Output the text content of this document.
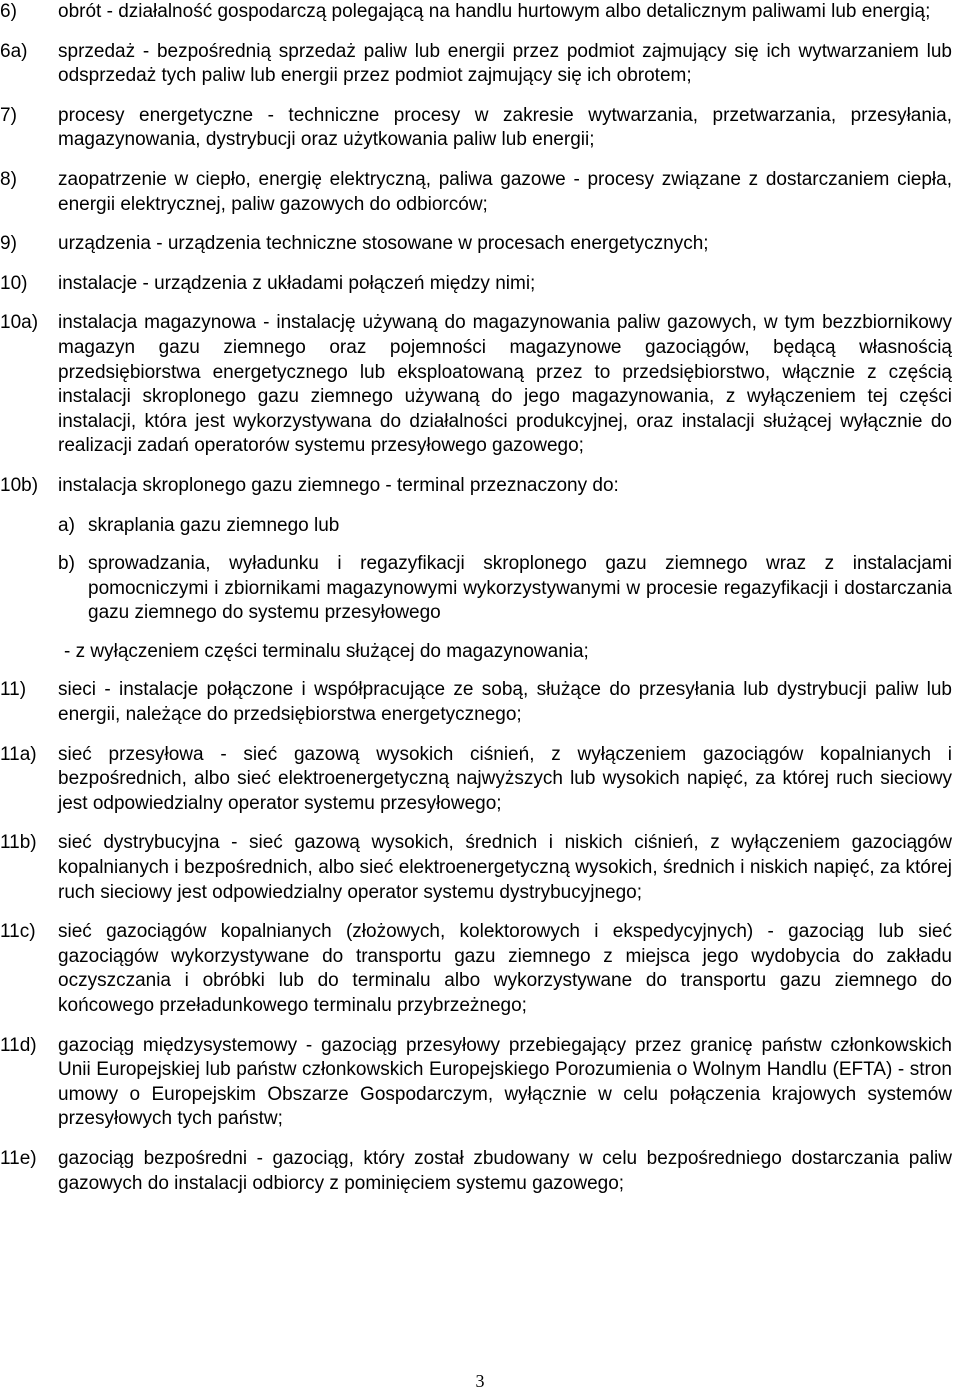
6)	obrót - działalność gospodarczą polegającą na handlu hurtowym albo detalicznym paliwami lub energią;
6a)	sprzedaż - bezpośrednią sprzedaż paliw lub energii przez podmiot zajmujący się ich wytwarzaniem lub odsprzedaż tych paliw lub energii przez podmiot zajmujący się ich obrotem;
7)	procesy energetyczne - techniczne procesy w zakresie wytwarzania, przetwarzania, przesyłania, magazynowania, dystrybucji oraz użytkowania paliw lub energii;
8)	zaopatrzenie w ciepło, energię elektryczną, paliwa gazowe - procesy związane z dostarczaniem ciepła, energii elektrycznej, paliw gazowych do odbiorców;
9)	urządzenia - urządzenia techniczne stosowane w procesach energetycznych;
10)	instalacje - urządzenia z układami połączeń między nimi;
10a)	instalacja magazynowa - instalację używaną do magazynowania paliw gazowych, w tym bezzbiornikowy magazyn gazu ziemnego oraz pojemności magazynowe gazociągów, będącą własnością przedsiębiorstwa energetycznego lub eksploatowaną przez to przedsiębiorstwo, włącznie z częścią instalacji skroplonego gazu ziemnego używaną do jego magazynowania, z wyłączeniem tej części instalacji, która jest wykorzystywana do działalności produkcyjnej, oraz instalacji służącej wyłącznie do realizacji zadań operatorów systemu przesyłowego gazowego;
10b)	instalacja skroplonego gazu ziemnego - terminal przeznaczony do:
a) skraplania gazu ziemnego lub
b) sprowadzania, wyładunku i regazyfikacji skroplonego gazu ziemnego wraz z instalacjami pomocniczymi i zbiornikami magazynowymi wykorzystywanymi w procesie regazyfikacji i dostarczania gazu ziemnego do systemu przesyłowego
- z wyłączeniem części terminalu służącej do magazynowania;
11)	sieci - instalacje połączone i współpracujące ze sobą, służące do przesyłania lub dystrybucji paliw lub energii, należące do przedsiębiorstwa energetycznego;
11a)	sieć przesyłowa - sieć gazową wysokich ciśnień, z wyłączeniem gazociągów kopalnianych i bezpośrednich, albo sieć elektroenergetyczną najwyższych lub wysokich napięć, za której ruch sieciowy jest odpowiedzialny operator systemu przesyłowego;
11b)	sieć dystrybucyjna - sieć gazową wysokich, średnich i niskich ciśnień, z wyłączeniem gazociągów kopalnianych i bezpośrednich, albo sieć elektroenergetyczną wysokich, średnich i niskich napięć, za której ruch sieciowy jest odpowiedzialny operator systemu dystrybucyjnego;
11c)	sieć gazociągów kopalnianych (złożowych, kolektorowych i ekspedycyjnych) - gazociąg lub sieć gazociągów wykorzystywane do transportu gazu ziemnego z miejsca jego wydobycia do zakładu oczyszczania i obróbki lub do terminalu albo wykorzystywane do transportu gazu ziemnego do końcowego przeładunkowego terminalu przybrzeżnego;
11d)	gazociąg międzysystemowy - gazociąg przesyłowy przebiegający przez granicę państw członkowskich Unii Europejskiej lub państw członkowskich Europejskiego Porozumienia o Wolnym Handlu (EFTA) - stron umowy o Europejskim Obszarze Gospodarczym, wyłącznie w celu połączenia krajowych systemów przesyłowych tych państw;
11e)	gazociąg bezpośredni - gazociąg, który został zbudowany w celu bezpośredniego dostarczania paliw gazowych do instalacji odbiorcy z pominięciem systemu gazowego;
3
